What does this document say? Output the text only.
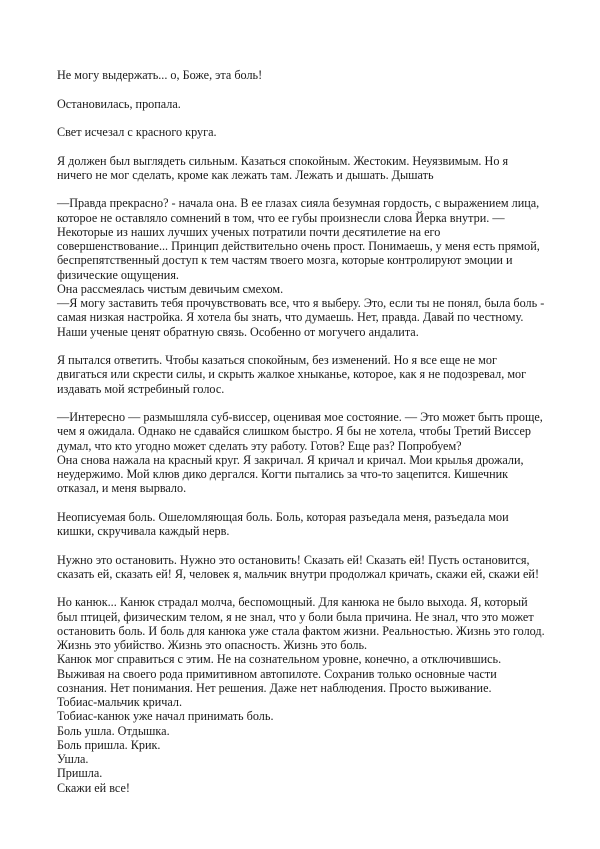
Не могу выдержать... о, Боже, эта боль!
Остановилась, пропала.
Свет исчезал с красного круга.
Я должен был выглядеть сильным. Казаться спокойным. Жестоким. Неуязвимым. Но я
ничего не мог сделать, кроме как лежать там. Лежать и дышать. Дышать
—Правда прекрасно? - начала она. В ее глазах сияла безумная гордость, с выражением лица,
которое не оставляло сомнений в том, что ее губы произнесли слова Йерка внутри. —
Некоторые из наших лучших ученых потратили почти десятилетие на его
совершенствование... Принцип действительно очень прост. Понимаешь, у меня есть прямой,
беспрепятственный доступ к тем частям твоего мозга, которые контролируют эмоции и
физические ощущения.
Она рассмеялась чистым девичьим смехом.
—Я могу заставить тебя прочувствовать все, что я выберу. Это, если ты не понял, была боль -
самая низкая настройка. Я хотела бы знать, что думаешь. Нет, правда. Давай по честному.
Наши ученые ценят обратную связь. Особенно от могучего андалита.
Я пытался ответить. Чтобы казаться спокойным, без изменений. Но я все еще не мог
двигаться или скрести силы, и скрыть жалкое хныканье, которое, как я не подозревал, мог
издавать мой ястребиный голос.
—Интересно — размышляла суб-виссер, оценивая мое состояние. — Это может быть проще,
чем я ожидала. Однако не сдавайся слишком быстро. Я бы не хотела, чтобы Третий Виссер
думал, что кто угодно может сделать эту работу. Готов? Еще раз? Попробуем?
Она снова нажала на красный круг. Я закричал. Я кричал и кричал. Мои крылья дрожали,
неудержимо. Мой клюв дико дергался. Когти пытались за что-то зацепится. Кишечник
отказал, и меня вырвало.
Неописуемая боль. Ошеломляющая боль. Боль, которая разъедала меня, разъедала мои
кишки, скручивала каждый нерв.
Нужно это остановить. Нужно это остановить! Сказать ей! Сказать ей! Пусть остановится,
сказать ей, сказать ей! Я, человек я, мальчик внутри продолжал кричать, скажи ей, скажи ей!
Но канюк... Канюк страдал молча, беспомощный. Для канюка не было выхода. Я, который
был птицей, физическим телом, я не знал, что у боли была причина. Не знал, что это может
остановить боль. И боль для канюка уже стала фактом жизни. Реальностью. Жизнь это голод.
Жизнь это убийство. Жизнь это опасность. Жизнь это боль.
Канюк мог справиться с этим. Не на сознательном уровне, конечно, а отключившись.
Выживая на своего рода примитивном автопилоте. Сохранив только основные части
сознания. Нет понимания. Нет решения. Даже нет наблюдения. Просто выживание.
Тобиас-мальчик кричал.
Тобиас-канюк уже начал принимать боль.
Боль ушла. Отдышка.
Боль пришла. Крик.
Ушла.
Пришла.
Скажи ей все!
